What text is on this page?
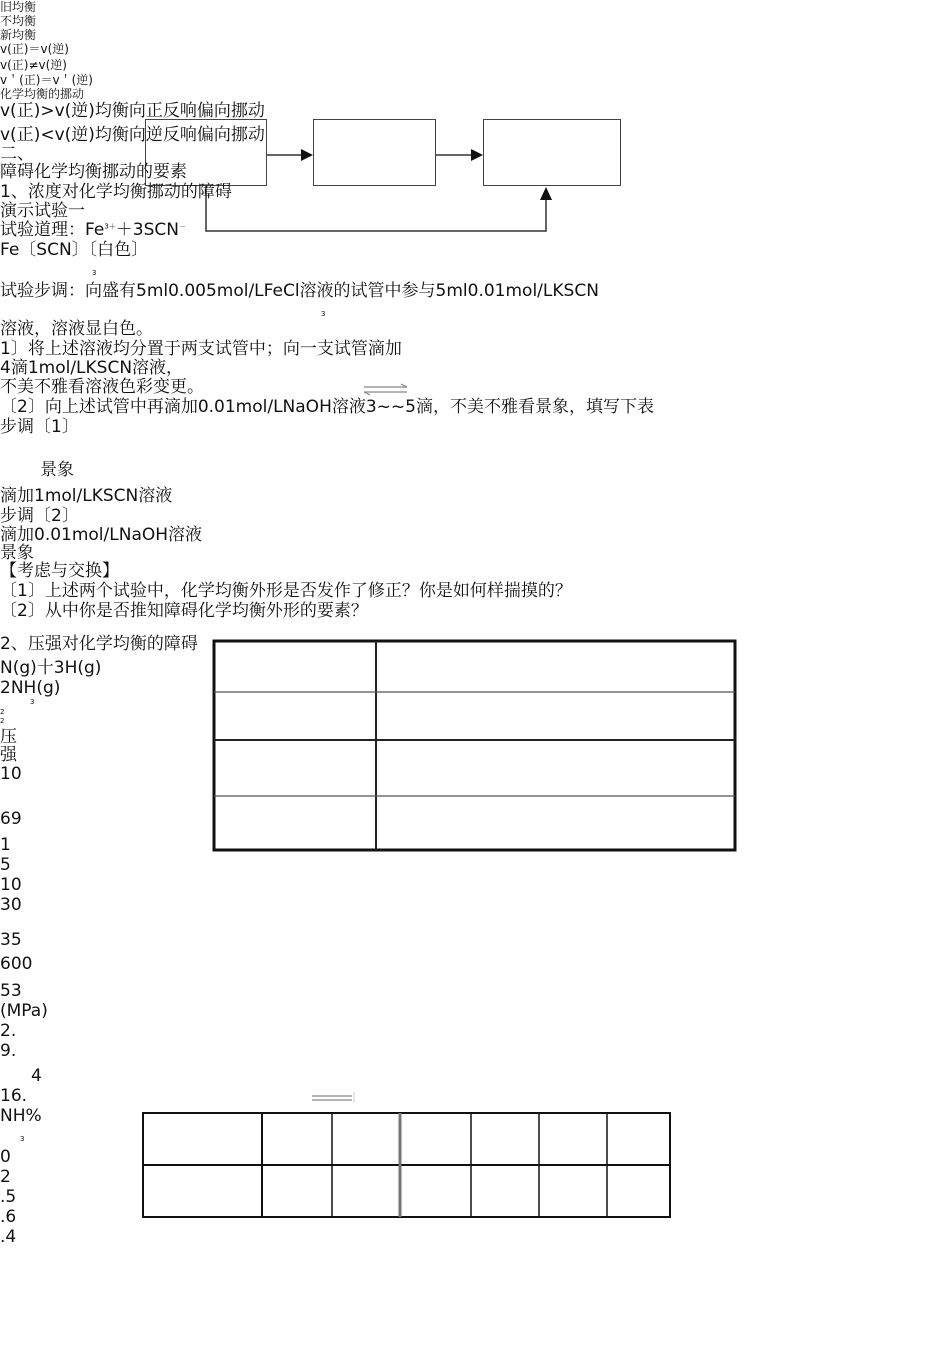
旧均衡
不均衡
新均衡
v(正)＝v(逆)
v(正)≠v(逆)
v＇(正)＝v＇(逆)
化学均衡的挪动
v(正)>v(逆)均衡向正反响偏向挪动
v(正)<v(逆)均衡向逆反响偏向挪动
二、
障碍化学均衡挪动的要素
1、浓度对化学均衡挪动的障碍
演示试验一
试验道理：$Fe^{3+}+3SCN^-$
Fe〔SCN〕〔白色〕
3
试验步调：向盛有5ml0.005mol/LFeCl溶液的试管中参与5ml0.01mol/LKSCN
3
溶液，溶液显白色。
1〕将上述溶液均分置于两支试管中；向一支试管滴加
4滴1mol/LKSCN溶液，
不美不雅看溶液色彩变更。
〔2〕向上述试管中再滴加0.01mol/LNaOH溶液3~~5滴，不美不雅看景象，填写下表
步调〔1〕
景象
滴加1mol/LKSCN溶液
步调〔2〕
滴加0.01mol/LNaOH溶液
景象
【考虑与交换】
〔1〕上述两个试验中，化学均衡外形是否发作了修正？你是如何样揣摸的？
〔2〕从中你是否推知障碍化学均衡外形的要素？
2、压强对化学均衡的障碍
N(g)十3H(g)
2NH(g)
3
2
2
压
强
10
69
1
5
10
30
35
600
53
(MPa)
2.
9.
4
16.
NH%
3
0
2
.5
.6
.4
